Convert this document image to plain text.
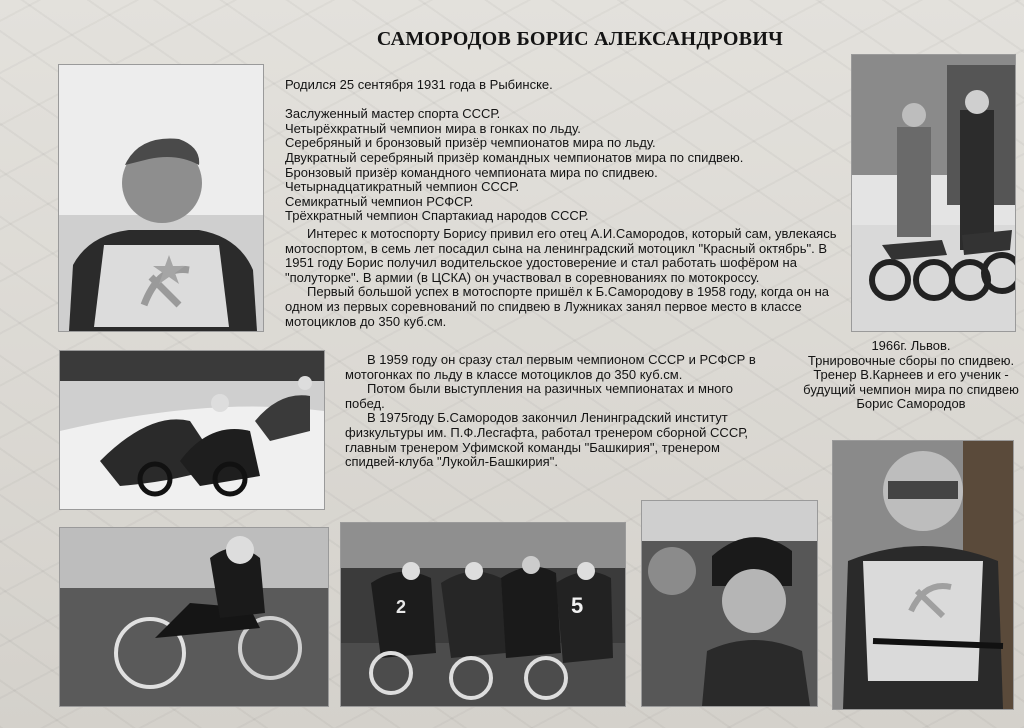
САМОРОДОВ БОРИС АЛЕКСАНДРОВИЧ
2	5

Родился 25 сентября 1931 года в Рыбинске.

Заслуженный мастер спорта СССР.

Четырёхкратный чемпион мира в гонках по льду.

Серебряный и бронзовый призёр чемпионатов мира по льду.

Двукратный серебряный призёр командных чемпионатов мира по спидвею.

Бронзовый призёр командного чемпионата мира по спидвею.

Четырнадцатикратный чемпион СССР.

Семикратный чемпион РСФСР.

Трёхкратный чемпион Спартакиад народов СССР.

Интерес к мотоспорту Борису привил его отец А.И.Самородов, который сам, увлекаясь мотоспортом, в семь лет посадил сына на ленинградский мотоцикл "Красный октябрь". В 1951 году Борис получил водительское удостоверение и стал работать шофёром на "полуторке". В армии (в ЦСКА) он участвовал в соревнованиях по мотокроссу.

Первый большой успех в мотоспорте пришёл к Б.Самородову в 1958 году, когда он на одном из первых соревнований по спидвею в Лужниках занял первое место в классе мотоциклов до 350 куб.см.

В 1959 году он сразу стал первым чемпионом СССР и РСФСР в мотогонках по льду в классе мотоциклов до 350 куб.см.

Потом были выступления на разичных чемпионатах и много побед.

В 1975году Б.Самородов закончил Ленинградский институт физкультуры им. П.Ф.Лесгафта, работал тренером сборной СССР, главным тренером Уфимской команды "Башкирия", тренером спидвей-клуба "Лукойл-Башкирия".

1966г. Львов.
Трнировочные сборы по спидвею.
Тренер В.Карнеев и его ученик -
будущий чемпион мира по спидвею
Борис Самородов
